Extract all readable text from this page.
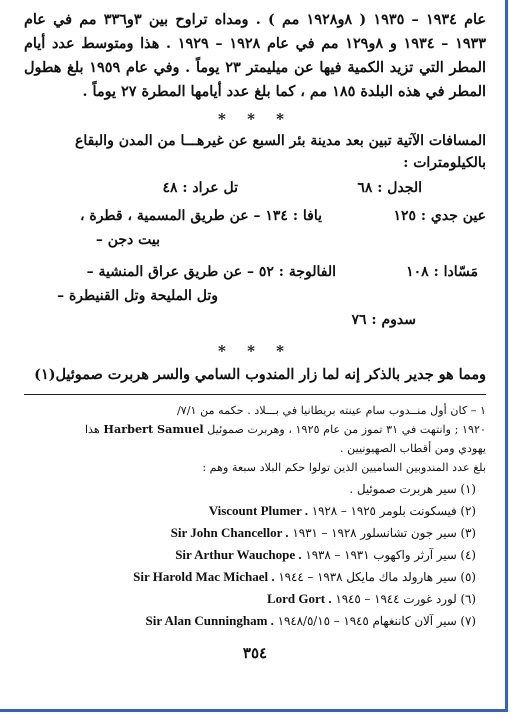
عام ١٩٣٤ – ١٩٣٥ ( ٨و١٩٢٨ مم ) . ومداه تراوح بين ٣و٣٣٦ مم في عام ١٩٣٣ – ١٩٣٤ و ٨و١٢٩ مم في عام ١٩٢٨ – ١٩٢٩ . هذا ومتوسط عدد أيام المطر التي تزيد الكمية فيها عن ميليمتر ٢٣ يوماً . وفي عام ١٩٥٩ بلغ هطول المطر في هذه البلدة ١٨٥ مم ، كما بلغ عدد أيامها المطرة ٢٧ يوماً .
* * *
المسافات الآتية تبين بعد مدينة بئر السبع عن غيرهـــا من المدن والبقاع بالكيلومترات :
الجدل : ٦٨
تل عراد : ٤٨
عين جدي : ١٢٥
يافا : ١٣٤ – عن طريق المسمية ، قطرة ،
بيت دجن –
مَسّادا : ١٠٨
الفالوجة : ٥٢ – عن طريق عراق المنشية –
وتل المليحة وتل القنيطرة –
سدوم : ٧٦
* * *
ومما هو جدير بالذكر إنه لما زار المندوب السامي والسر هربرت صموئيل(١)
١ – كان أول منــدوب سام عينته بريطانيا في بـــلاد . حكمه من ٧/١/
١٩٢٠ ; وانتهت في ٣١ تموز من عام ١٩٢٥ ، وهربرت صموئيل Harbert Samuel هذا
يهودي ومن أقطاب الصهيونيين .
بلغ عدد المندوبين الساميين الذين تولوا حكم البلاد سبعة وهم :
(١) سير هربرت صموئيل .
(٢) فيسكونت بلومر ١٩٢٥ – ١٩٢٨ Viscount Plumer .
(٣) سير جون تشانسلور ١٩٢٨ – ١٩٣١ Sir John Chancellor .
(٤) سير آرثر واكهوب ١٩٣١ – ١٩٣٨ Sir Arthur Wauchope .
(٥) سير هارولد ماك مايكل ١٩٣٨ – ١٩٤٤ Sir Harold Mac Michael .
(٦) لورد غورت ١٩٤٤ – ١٩٤٥ Lord Gort .
(٧) سير آلان كاننغهام ١٩٤٥ – ١٩٤٨/٥/١٥ Sir Alan Cunningham .
٣٥٤
